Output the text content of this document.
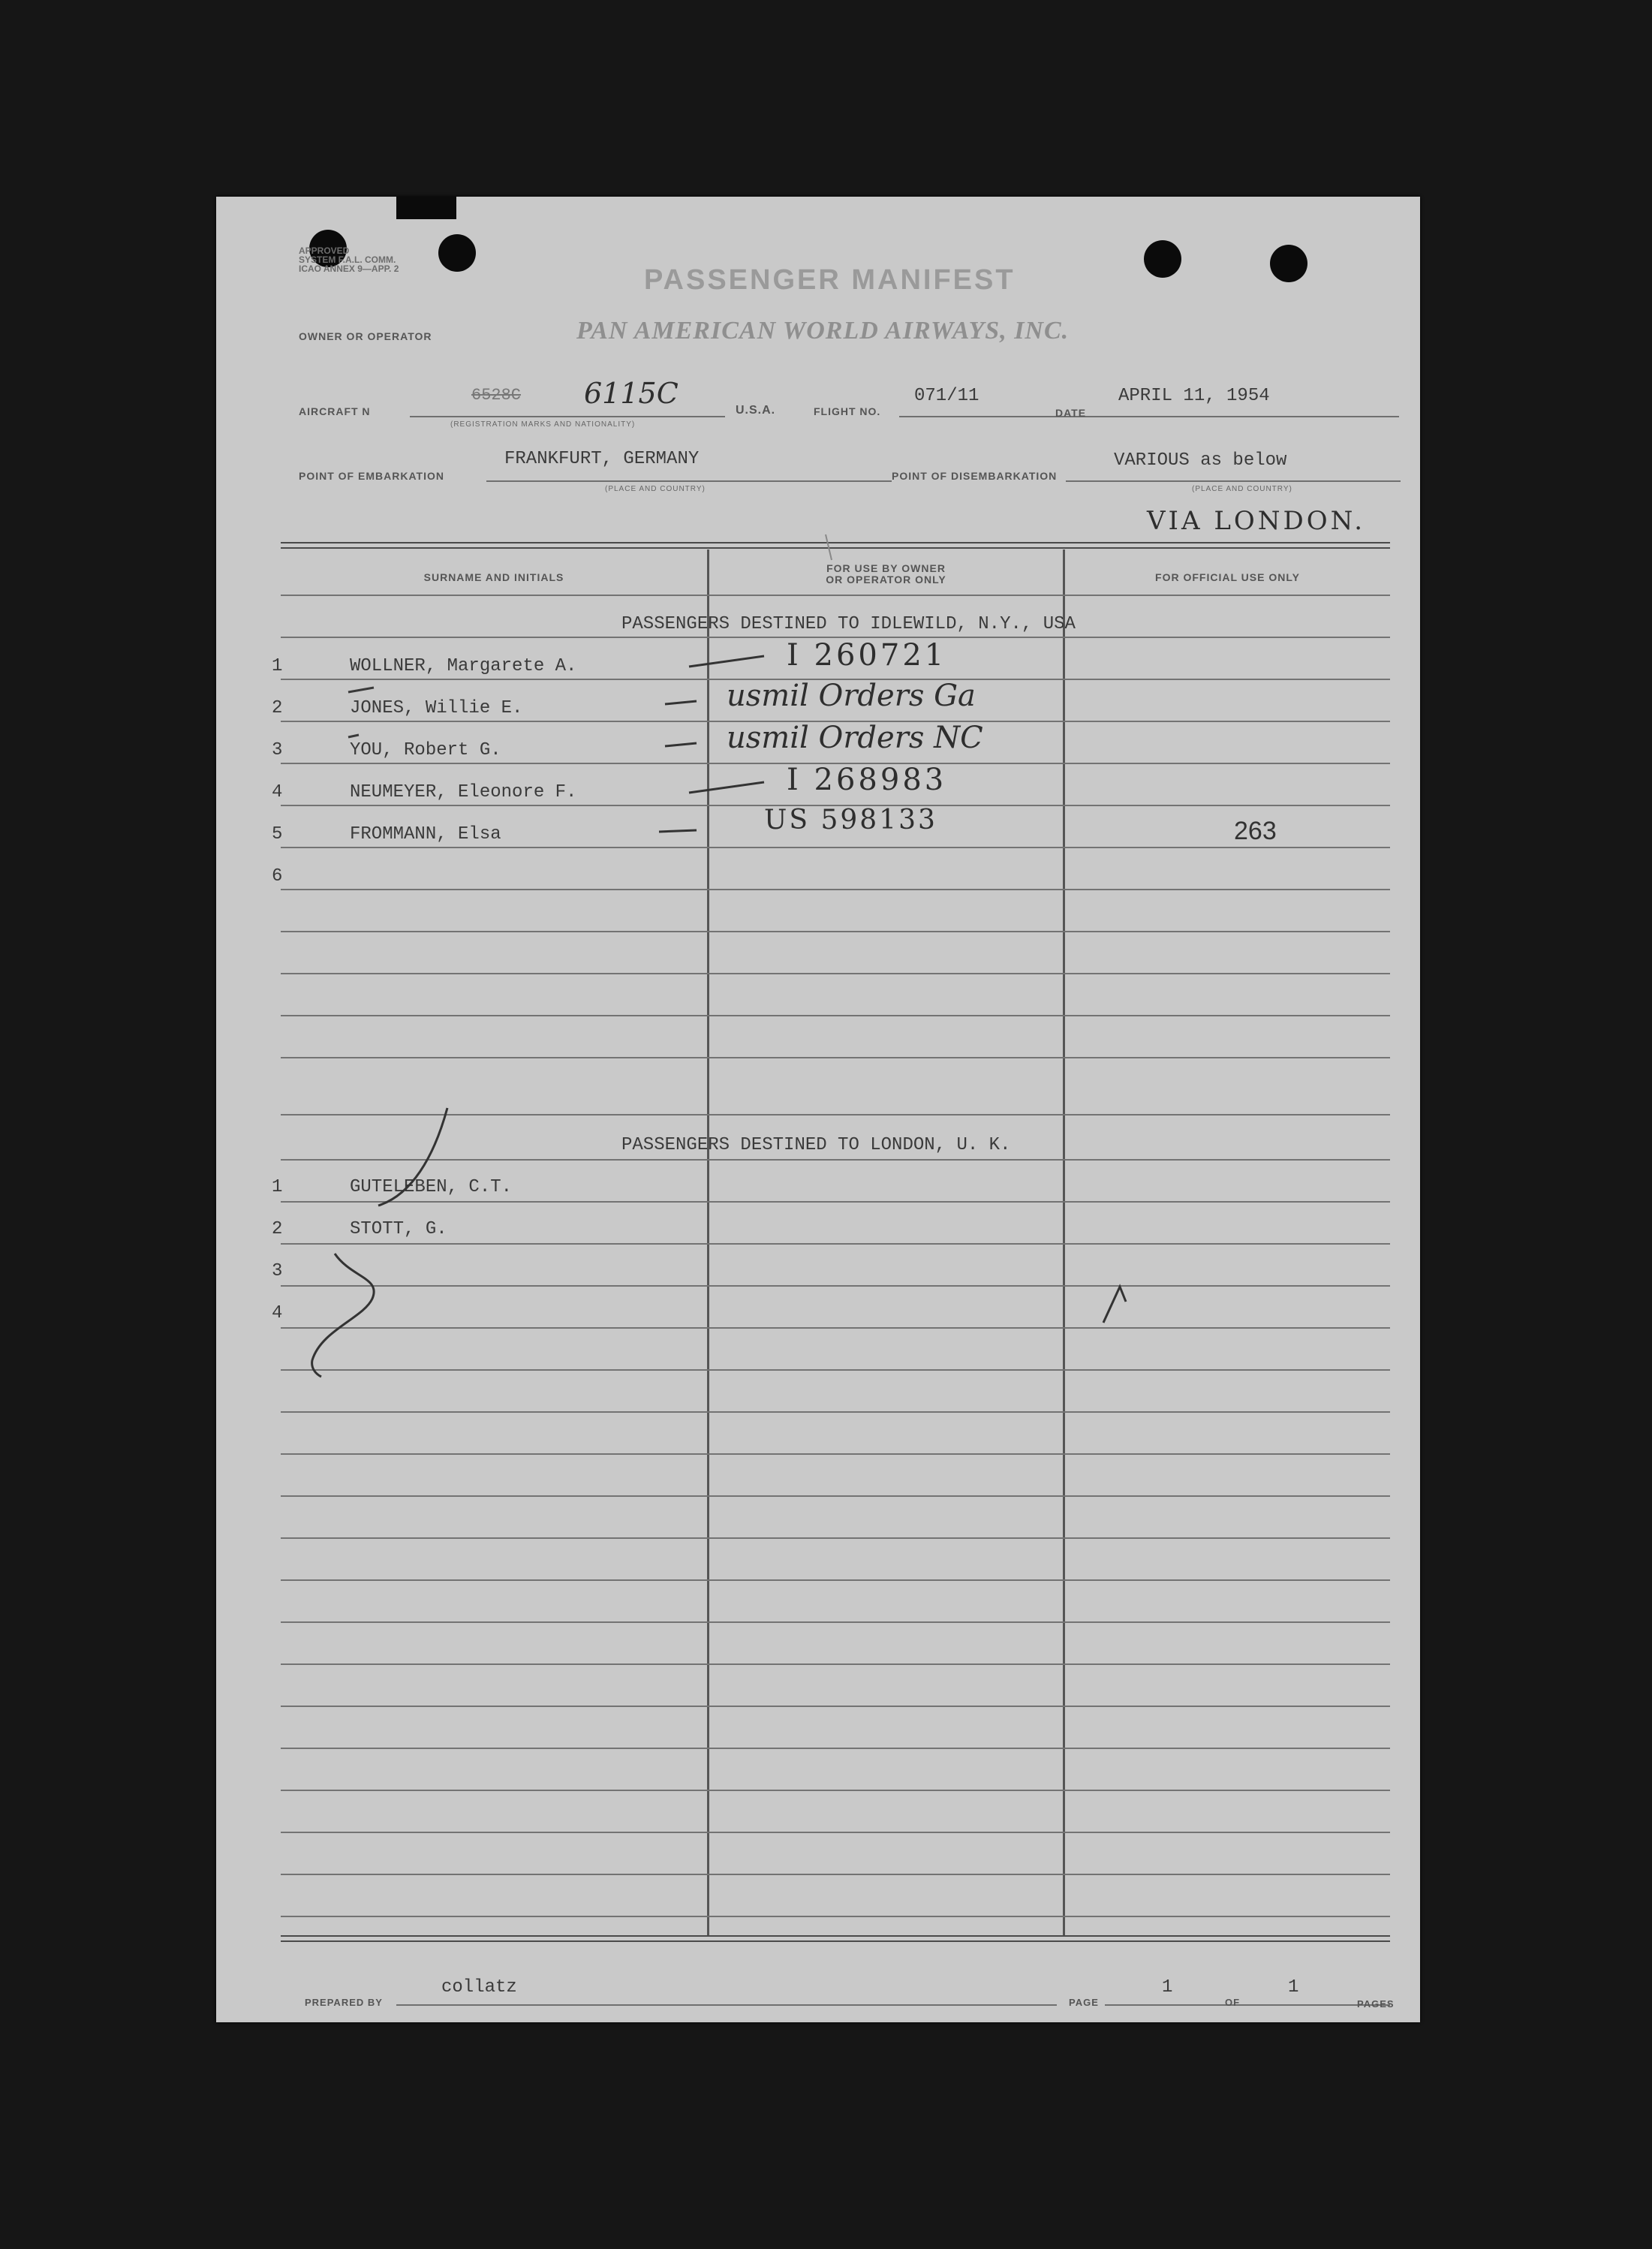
APPROVED
SYSTEM F.A.L. COMM.
ICAO ANNEX 9—APP. 2	PASSENGER MANIFEST
OWNER OR OPERATOR	PAN AMERICAN WORLD AIRWAYS, INC.
AIRCRAFT N
6528C 6115C
(REGISTRATION MARKS AND NATIONALITY)
U.S.A.	FLIGHT NO.
071/11
DATE
APRIL 11, 1954
POINT OF EMBARKATION
FRANKFURT, GERMANY
(PLACE AND COUNTRY)
POINT OF DISEMBARKATION
VARIOUS as below
(PLACE AND COUNTRY)
VIA LONDON.
SURNAME AND INITIALS
FOR USE BY OWNER
OR OPERATOR ONLY	FOR OFFICIAL USE ONLY
PASSENGERS DESTINED TO IDLEWILD, N.Y., USA
1	WOLLNER, Margarete A.	I 260721
2	JONES, Willie E.	usmil Orders Ga
3	YOU, Robert G.	usmil Orders NC
4	NEUMEYER, Eleonore F.	I 268983
5	FROMMANN, Elsa	US 598133	263
6
PASSENGERS DESTINED TO LONDON, U. K.
1	GUTELEBEN, C.T.
2	STOTT, G.
3
4
PREPARED BY
collatz
PAGE
1
OF
1
PAGES
